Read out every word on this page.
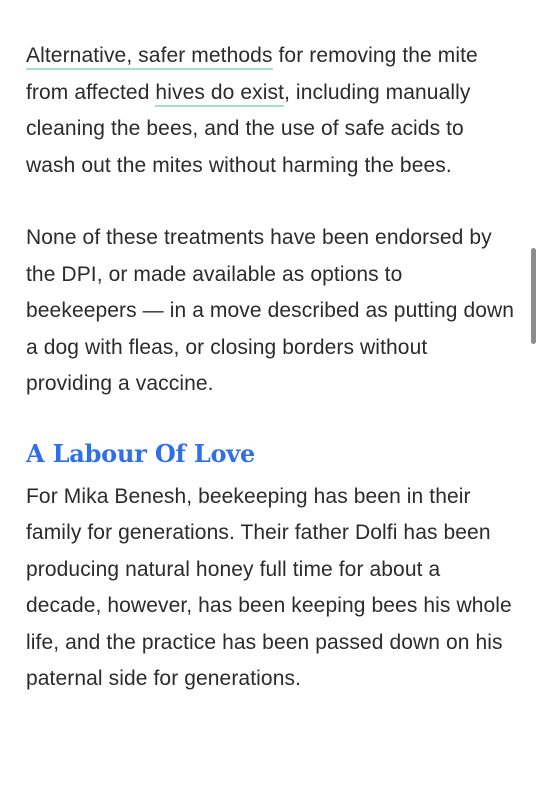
Alternative, safer methods for removing the mite from affected hives do exist, including manually cleaning the bees, and the use of safe acids to wash out the mites without harming the bees.

None of these treatments have been endorsed by the DPI, or made available as options to beekeepers — in a move described as putting down a dog with fleas, or closing borders without providing a vaccine.

A Labour Of Love

For Mika Benesh, beekeeping has been in their family for generations. Their father Dolfi has been producing natural honey full time for about a decade, however, has been keeping bees his whole life, and the practice has been passed down on his paternal side for generations.
